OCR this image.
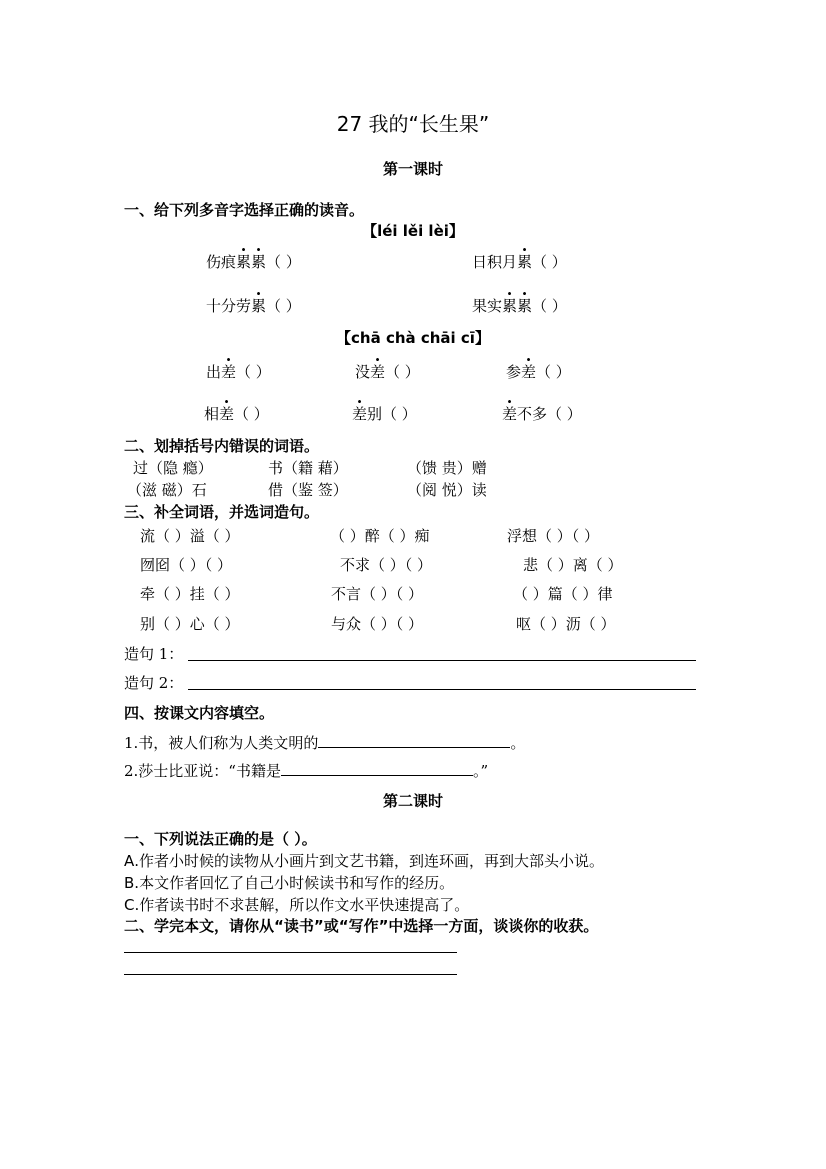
27 我的“长生果”
第一课时
一、给下列多音字选择正确的读音。
【léi lěi lèi】
伤痕累累（ ）	日积月累（ ）
十分劳累（ ）	果实累累（ ）
【chā chà chāi cī】
出差（ ）	没差（ ）	参差（ ）
相差（ ）	差别（ ）	差不多（ ）
二、划掉括号内错误的词语。
过（隐 瘾）	书（籍 藉）	（馈 贵）赠
（滋 磁）石	借（鉴 签）	（阅 悦）读
三、补全词语，并选词造句。
流（ ）溢（ ）	（ ）醉（ ）痴	浮想（ ）（ ）
囫囵（ ）（ ）	不求（ ）（ ）	悲（ ）离（ ）
牵（ ）挂（ ）	不言（ ）（ ）	（ ）篇（ ）律
别（ ）心（ ）	与众（ ）（ ）	呕（ ）沥（ ）
造句 1：
造句 2：
四、按课文内容填空。
1.书，被人们称为人类文明的	。
2.莎士比亚说：“书籍是	。”
第二课时
一、下列说法正确的是（ ）。
A.作者小时候的读物从小画片到文艺书籍，到连环画，再到大部头小说。
B.本文作者回忆了自己小时候读书和写作的经历。
C.作者读书时不求甚解，所以作文水平快速提高了。
二、学完本文，请你从“读书”或“写作”中选择一方面，谈谈你的收获。
